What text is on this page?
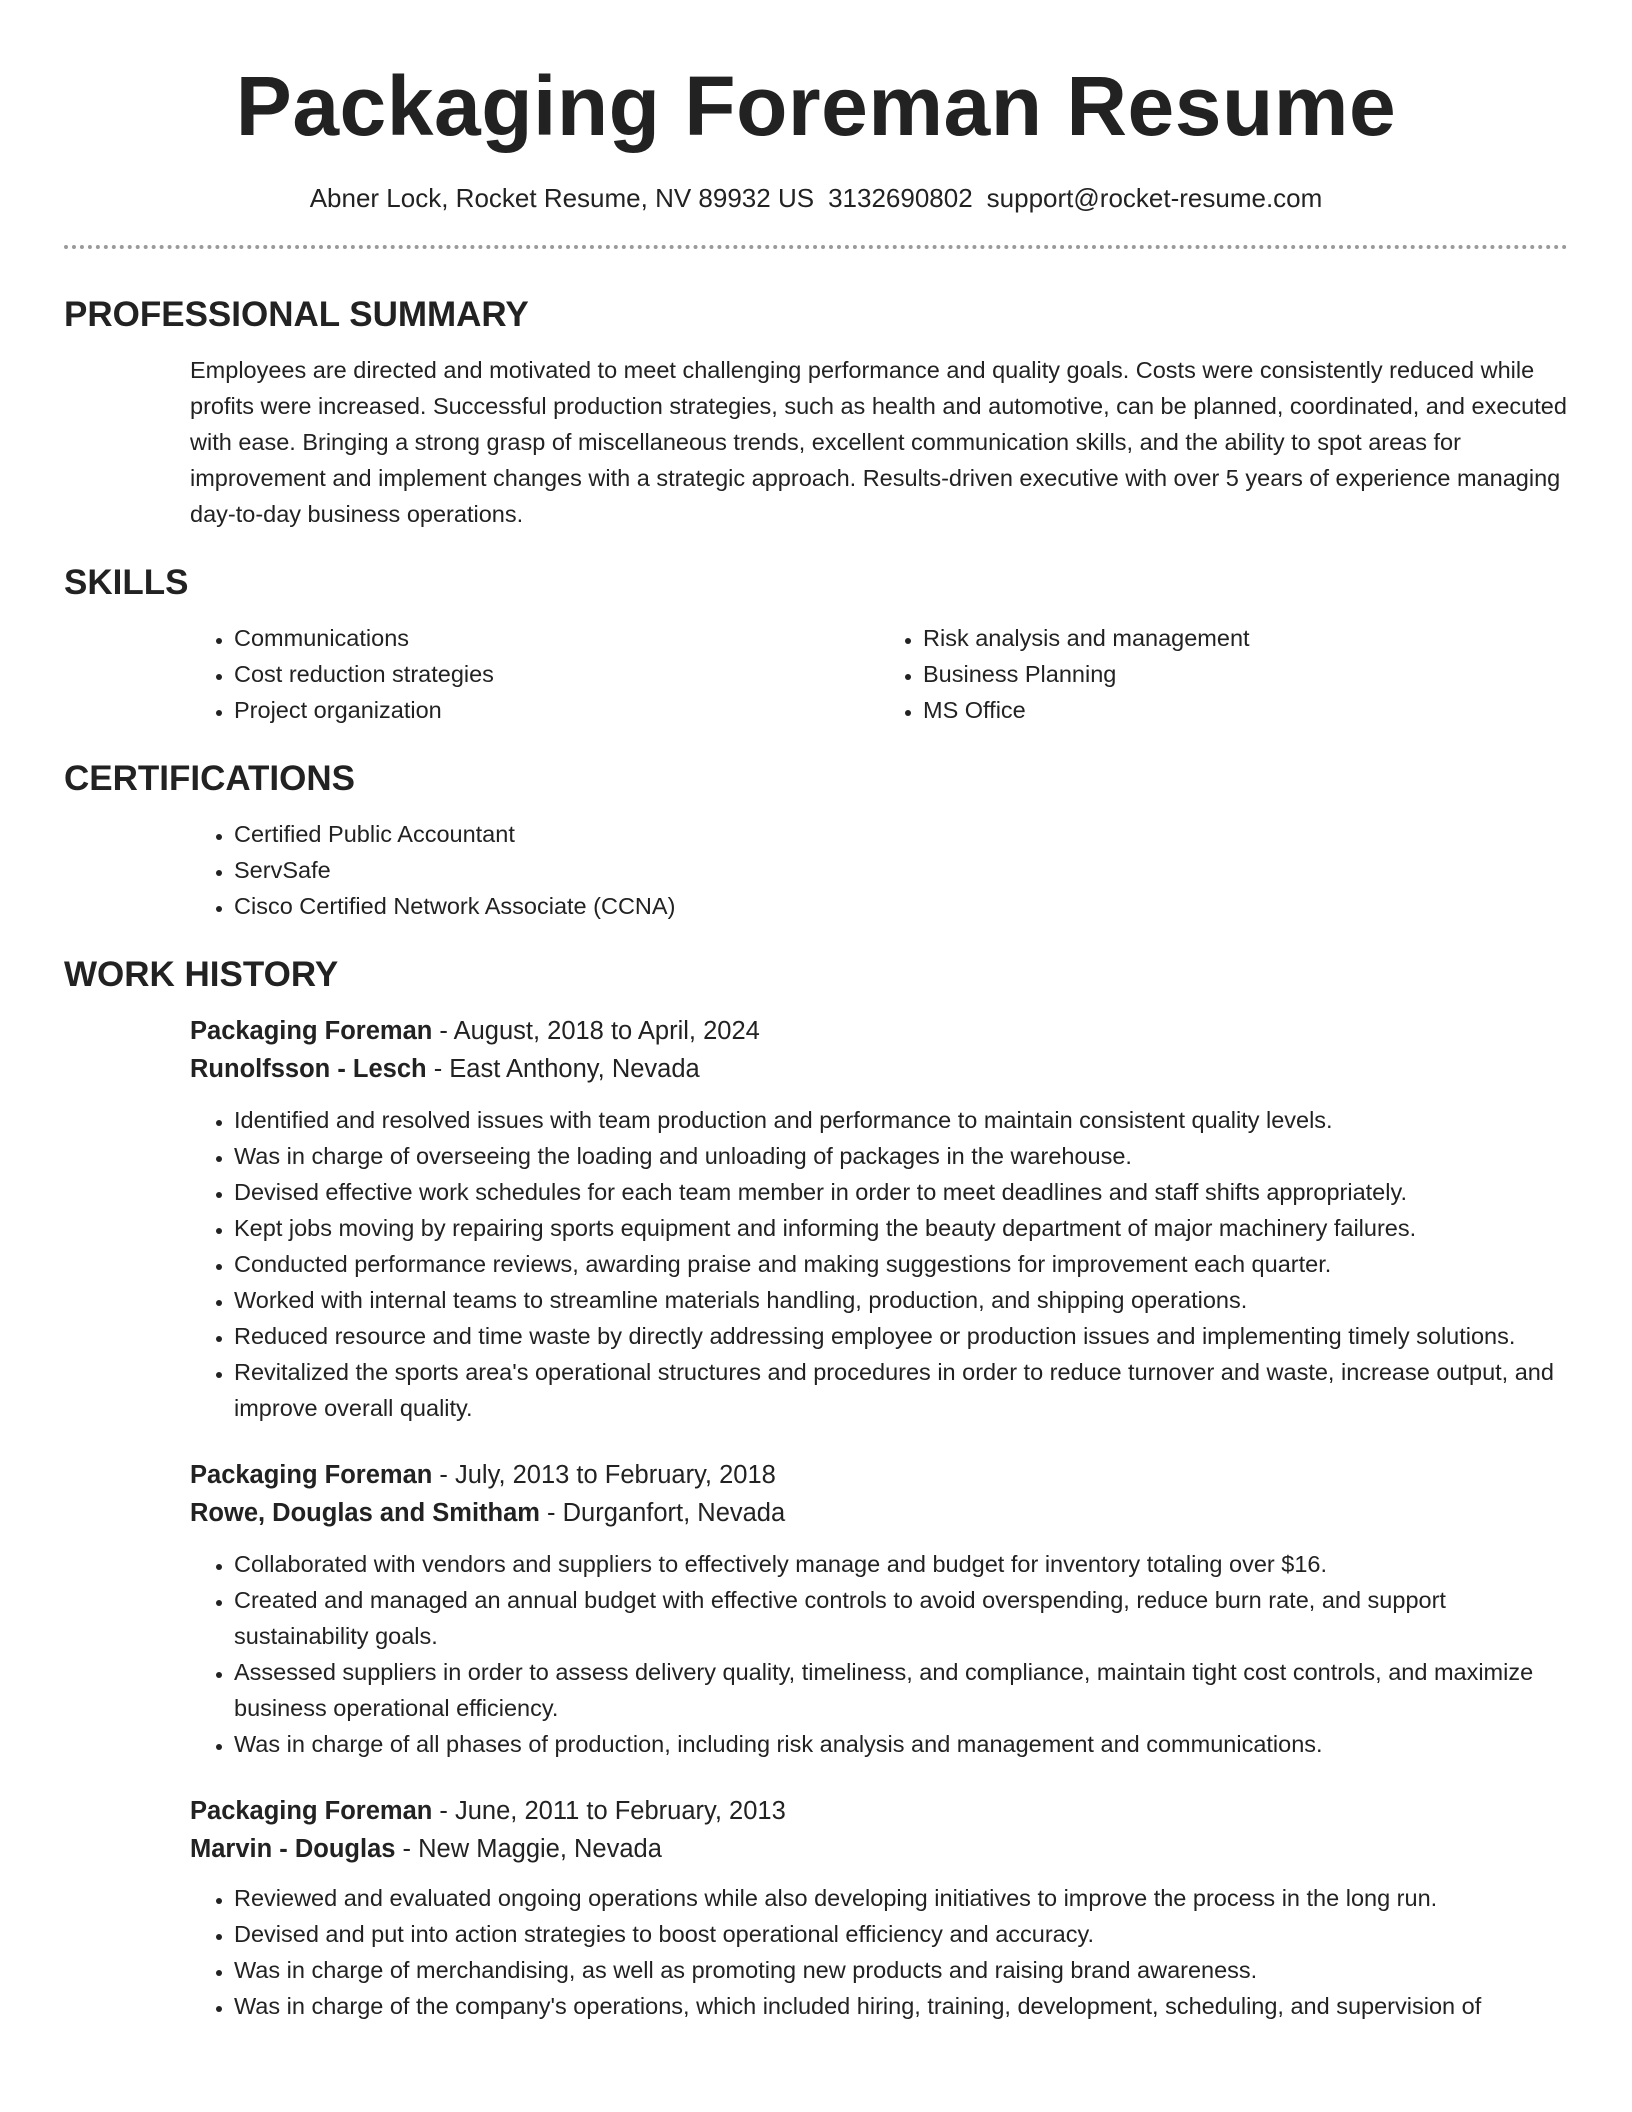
Packaging Foreman Resume
Abner Lock, Rocket Resume, NV 89932 US 3132690802 support@rocket-resume.com
PROFESSIONAL SUMMARY

Employees are directed and motivated to meet challenging performance and quality goals. Costs were consistently reduced while profits were increased. Successful production strategies, such as health and automotive, can be planned, coordinated, and executed with ease. Bringing a strong grasp of miscellaneous trends, excellent communication skills, and the ability to spot areas for improvement and implement changes with a strategic approach. Results-driven executive with over 5 years of experience managing day-to-day business operations.

SKILLS
• Communications
• Cost reduction strategies
• Project organization
• Risk analysis and management
• Business Planning
• MS Office
CERTIFICATIONS
• Certified Public Accountant
• ServSafe
• Cisco Certified Network Associate (CCNA)
WORK HISTORY
Packaging Foreman - August, 2018 to April, 2024
Runolfsson - Lesch - East Anthony, Nevada
• Identified and resolved issues with team production and performance to maintain consistent quality levels.
• Was in charge of overseeing the loading and unloading of packages in the warehouse.
• Devised effective work schedules for each team member in order to meet deadlines and staff shifts appropriately.
• Kept jobs moving by repairing sports equipment and informing the beauty department of major machinery failures.
• Conducted performance reviews, awarding praise and making suggestions for improvement each quarter.
• Worked with internal teams to streamline materials handling, production, and shipping operations.
• Reduced resource and time waste by directly addressing employee or production issues and implementing timely solutions.
• Revitalized the sports area's operational structures and procedures in order to reduce turnover and waste, increase output, and improve overall quality.
Packaging Foreman - July, 2013 to February, 2018
Rowe, Douglas and Smitham - Durganfort, Nevada
• Collaborated with vendors and suppliers to effectively manage and budget for inventory totaling over $16.
• Created and managed an annual budget with effective controls to avoid overspending, reduce burn rate, and support sustainability goals.
• Assessed suppliers in order to assess delivery quality, timeliness, and compliance, maintain tight cost controls, and maximize business operational efficiency.
• Was in charge of all phases of production, including risk analysis and management and communications.
Packaging Foreman - June, 2011 to February, 2013
Marvin - Douglas - New Maggie, Nevada
• Reviewed and evaluated ongoing operations while also developing initiatives to improve the process in the long run.
• Devised and put into action strategies to boost operational efficiency and accuracy.
• Was in charge of merchandising, as well as promoting new products and raising brand awareness.
• Was in charge of the company's operations, which included hiring, training, development, scheduling, and supervision of
